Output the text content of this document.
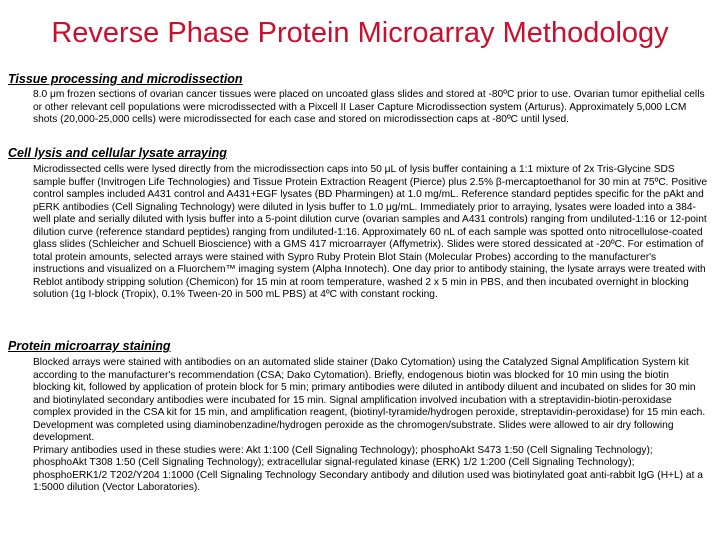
Reverse Phase Protein Microarray Methodology
Tissue processing and microdissection

8.0 μm frozen sections of ovarian cancer tissues were placed on uncoated glass slides and stored at -80ºC prior to use. Ovarian tumor epithelial cells or other relevant cell populations were microdissected with a Pixcell II Laser Capture Microdissection system (Arturus). Approximately 5,000 LCM shots (20,000-25,000 cells) were microdissected for each case and stored on microdissection caps at -80ºC until lysed.

Cell lysis and cellular lysate arraying

Microdissected cells were lysed directly from the microdissection caps into 50 μL of lysis buffer containing a 1:1 mixture of 2x Tris-Glycine SDS sample buffer (Invitrogen Life Technologies) and Tissue Protein Extraction Reagent (Pierce) plus 2.5% β-mercaptoethanol for 30 min at 75ºC. Positive control samples included A431 control and A431+EGF lysates (BD Pharmingen) at 1.0 mg/mL. Reference standard peptides specific for the pAkt and pERK antibodies (Cell Signaling Technology) were diluted in lysis buffer to 1.0 μg/mL. Immediately prior to arraying, lysates were loaded into a 384-well plate and serially diluted with lysis buffer into a 5-point dilution curve (ovarian samples and A431 controls) ranging from undiluted-1:16 or 12-point dilution curve (reference standard peptides) ranging from undiluted-1:16. Approximately 60 nL of each sample was spotted onto nitrocellulose-coated glass slides (Schleicher and Schuell Bioscience) with a GMS 417 microarrayer (Affymetrix). Slides were stored dessicated at -20ºC. For estimation of total protein amounts, selected arrays were stained with Sypro Ruby Protein Blot Stain (Molecular Probes) according to the manufacturer's instructions and visualized on a Fluorchem™ imaging system (Alpha Innotech). One day prior to antibody staining, the lysate arrays were treated with Reblot antibody stripping solution (Chemicon) for 15 min at room temperature, washed 2 x 5 min in PBS, and then incubated overnight in blocking solution (1g I-block (Tropix), 0.1% Tween-20 in 500 mL PBS) at 4ºC with constant rocking.

Protein microarray staining

Blocked arrays were stained with antibodies on an automated slide stainer (Dako Cytomation) using the Catalyzed Signal Amplification System kit according to the manufacturer's recommendation (CSA; Dako Cytomation). Briefly, endogenous biotin was blocked for 10 min using the biotin blocking kit, followed by application of protein block for 5 min; primary antibodies were diluted in antibody diluent and incubated on slides for 30 min and biotinylated secondary antibodies were incubated for 15 min. Signal amplification involved incubation with a streptavidin-biotin-peroxidase complex provided in the CSA kit for 15 min, and amplification reagent, (biotinyl-tyramide/hydrogen peroxide, streptavidin-peroxidase) for 15 min each. Development was completed using diaminobenzadine/hydrogen peroxide as the chromogen/substrate. Slides were allowed to air dry following development.

Primary antibodies used in these studies were: Akt 1:100 (Cell Signaling Technology); phosphoAkt S473 1:50 (Cell Signaling Technology); phosphoAkt T308 1:50 (Cell Signaling Technology); extracellular signal-regulated kinase (ERK) 1/2 1:200 (Cell Signaling Technology); phosphoERK1/2 T202/Y204 1:1000 (Cell Signaling Technology Secondary antibody and dilution used was biotinylated goat anti-rabbit IgG (H+L) at a 1:5000 dilution (Vector Laboratories).
